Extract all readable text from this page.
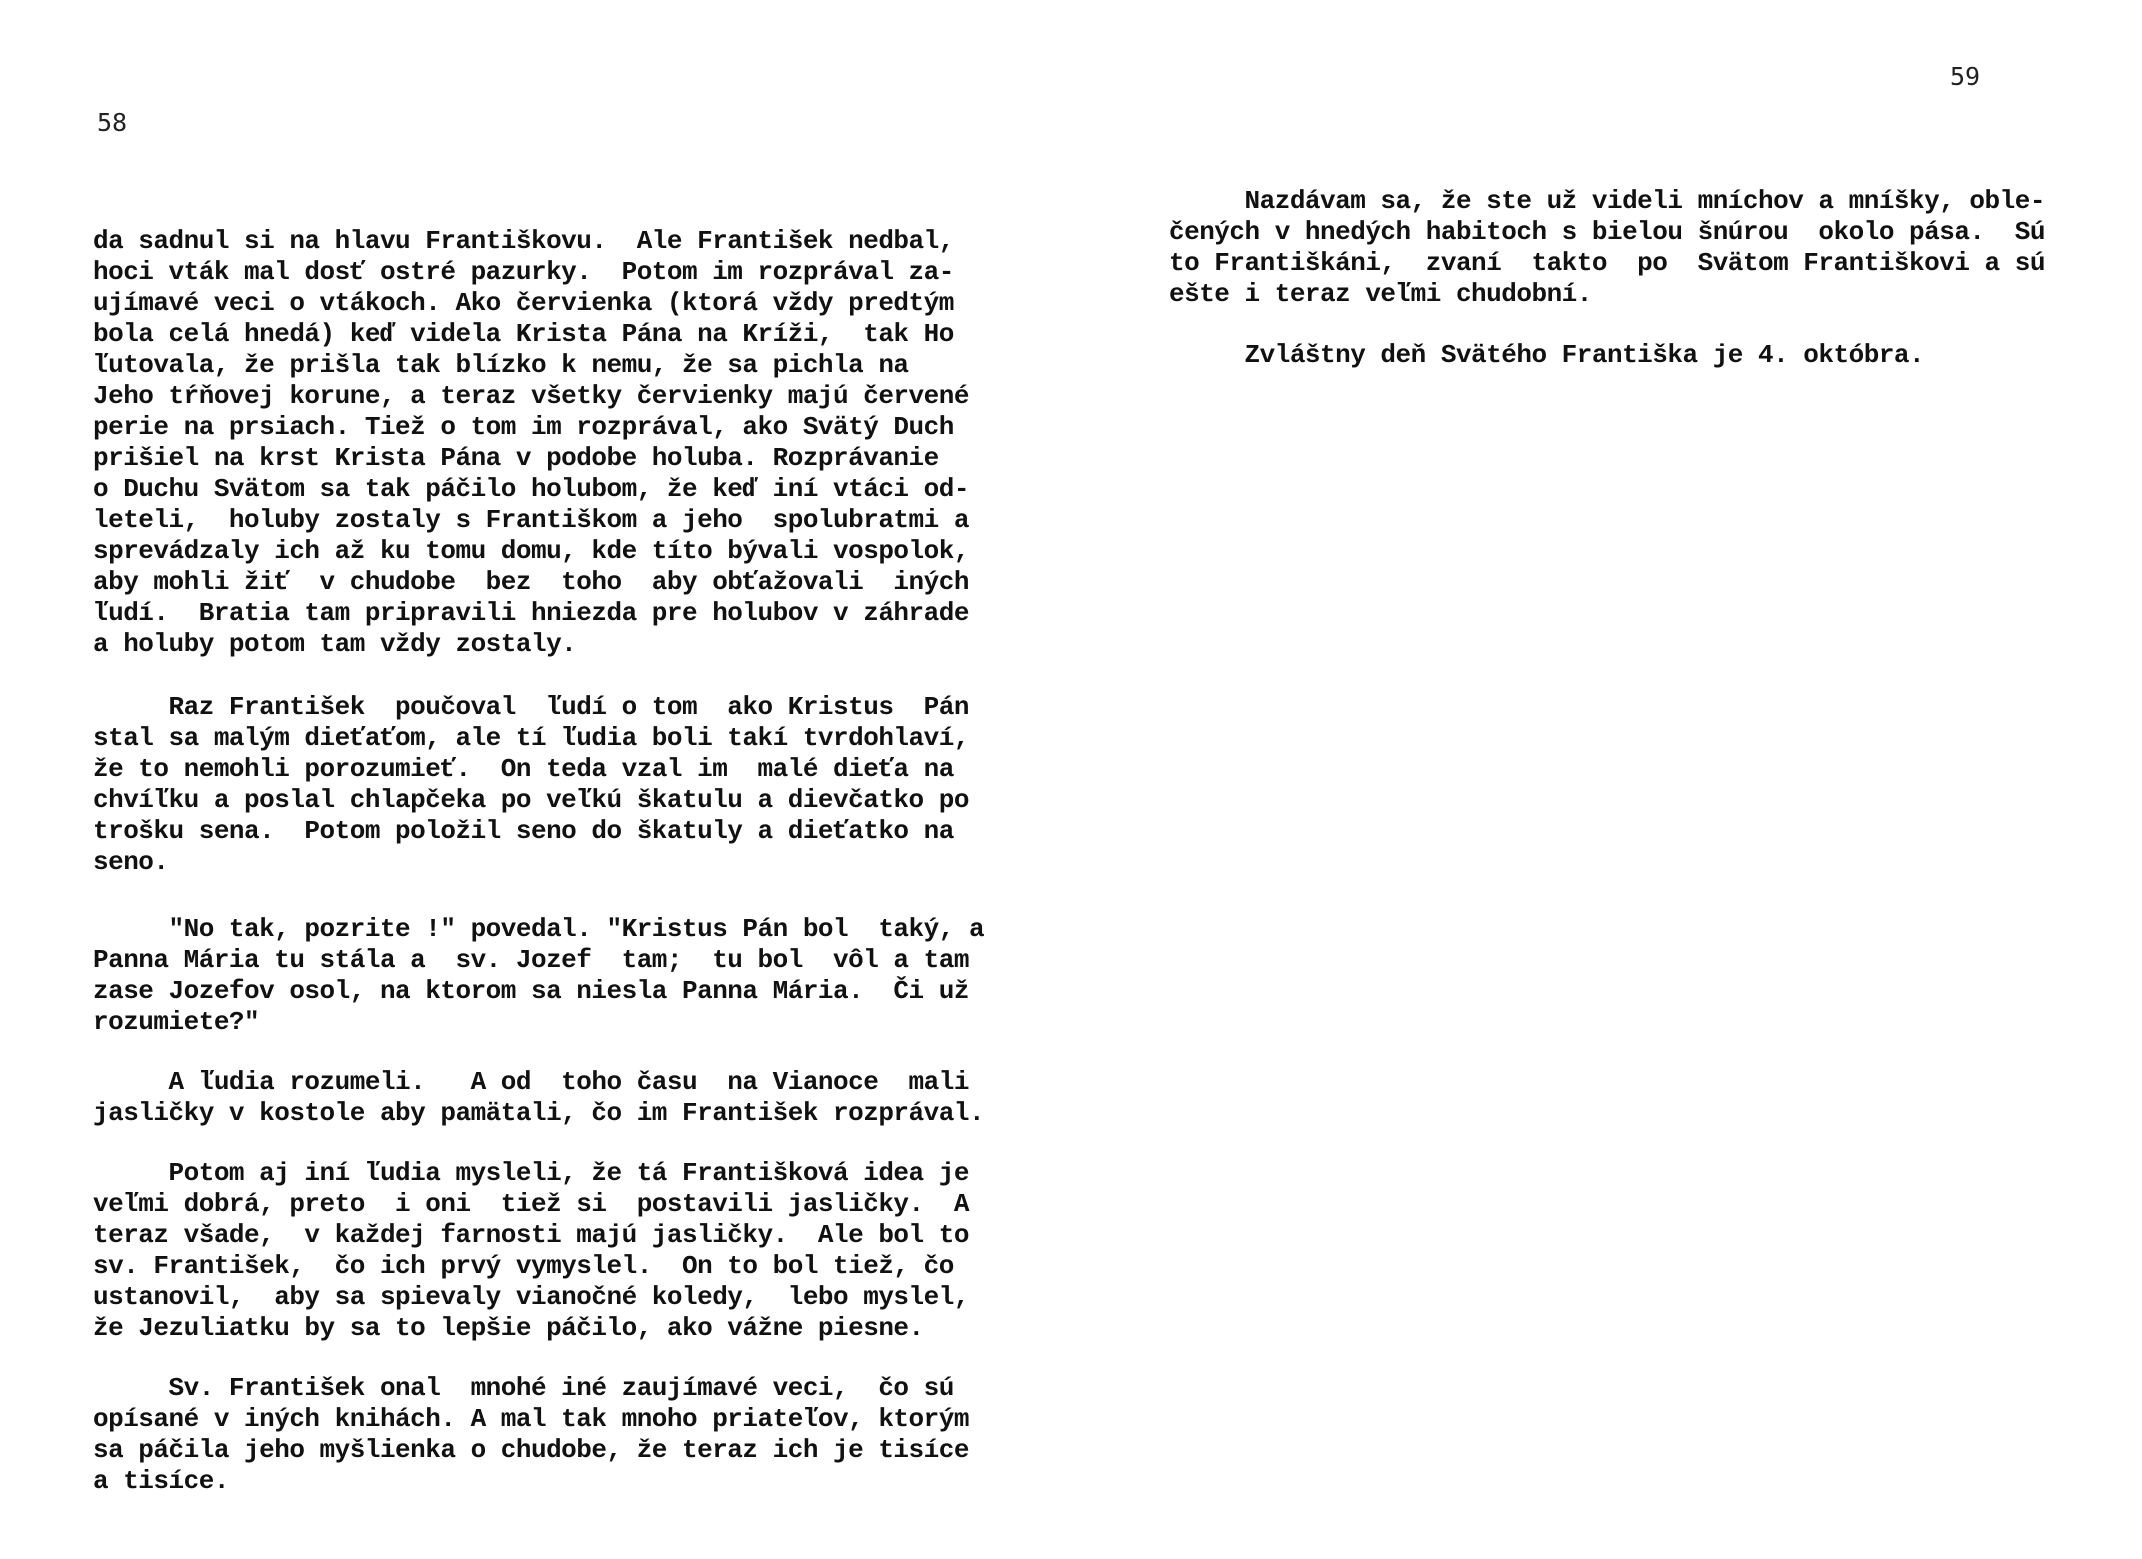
58

da sadnul si na hlavu Františkovu.  Ale František nedbal,
hoci vták mal dosť ostré pazurky.  Potom im rozprával za-
ujímavé veci o vtákoch. Ako červienka (ktorá vždy predtým
bola celá hnedá) keď videla Krista Pána na Kríži,  tak Ho
ľutovala, že prišla tak blízko k nemu, že sa pichla na
Jeho tŕňovej korune, a teraz všetky červienky majú červené
perie na prsiach. Tiež o tom im rozprával, ako Svätý Duch
prišiel na krst Krista Pána v podobe holuba. Rozprávanie
o Duchu Svätom sa tak páčilo holubom, že keď iní vtáci od-
leteli,  holuby zostaly s Františkom a jeho  spolubratmi a
sprevádzaly ich až ku tomu domu, kde títo bývali vospolok,
aby mohli žiť  v chudobe  bez  toho  aby obťažovali  iných
ľudí.  Bratia tam pripravili hniezda pre holubov v záhrade
a holuby potom tam vždy zostaly.

Raz František  poučoval  ľudí o tom  ako Kristus  Pán
stal sa malým dieťaťom, ale tí ľudia boli takí tvrdohlaví,
že to nemohli porozumieť.  On teda vzal im  malé dieťa na
chvíľku a poslal chlapčeka po veľkú škatulu a dievčatko po
trošku sena.  Potom položil seno do škatuly a dieťatko na
seno.

"No tak, pozrite !" povedal. "Kristus Pán bol  taký, a
Panna Mária tu stála a  sv. Jozef  tam;  tu bol  vôl a tam
zase Jozefov osol, na ktorom sa niesla Panna Mária.  Či už
rozumiete?"

A ľudia rozumeli.   A od  toho času  na Vianoce  mali
jasličky v kostole aby pamätali, čo im František rozprával.

Potom aj iní ľudia mysleli, že tá Františková idea je
veľmi dobrá, preto  i oni  tiež si  postavili jasličky.  A
teraz všade,  v každej farnosti majú jasličky.  Ale bol to
sv. František,  čo ich prvý vymyslel.  On to bol tiež, čo
ustanovil,  aby sa spievaly vianočné koledy,  lebo myslel,
že Jezuliatku by sa to lepšie páčilo, ako vážne piesne.

Sv. František onal  mnohé iné zaujímavé veci,  čo sú
opísané v iných knihách. A mal tak mnoho priateľov, ktorým
sa páčila jeho myšlienka o chudobe, že teraz ich je tisíce
a tisíce.

59

Nazdávam sa, že ste už videli mníchov a mníšky, oble-
čených v hnedých habitoch s bielou šnúrou  okolo pása.  Sú
to Františkáni,  zvaní  takto  po  Svätom Františkovi a sú
ešte i teraz veľmi chudobní.

Zvláštny deň Svätého Františka je 4. októbra.
